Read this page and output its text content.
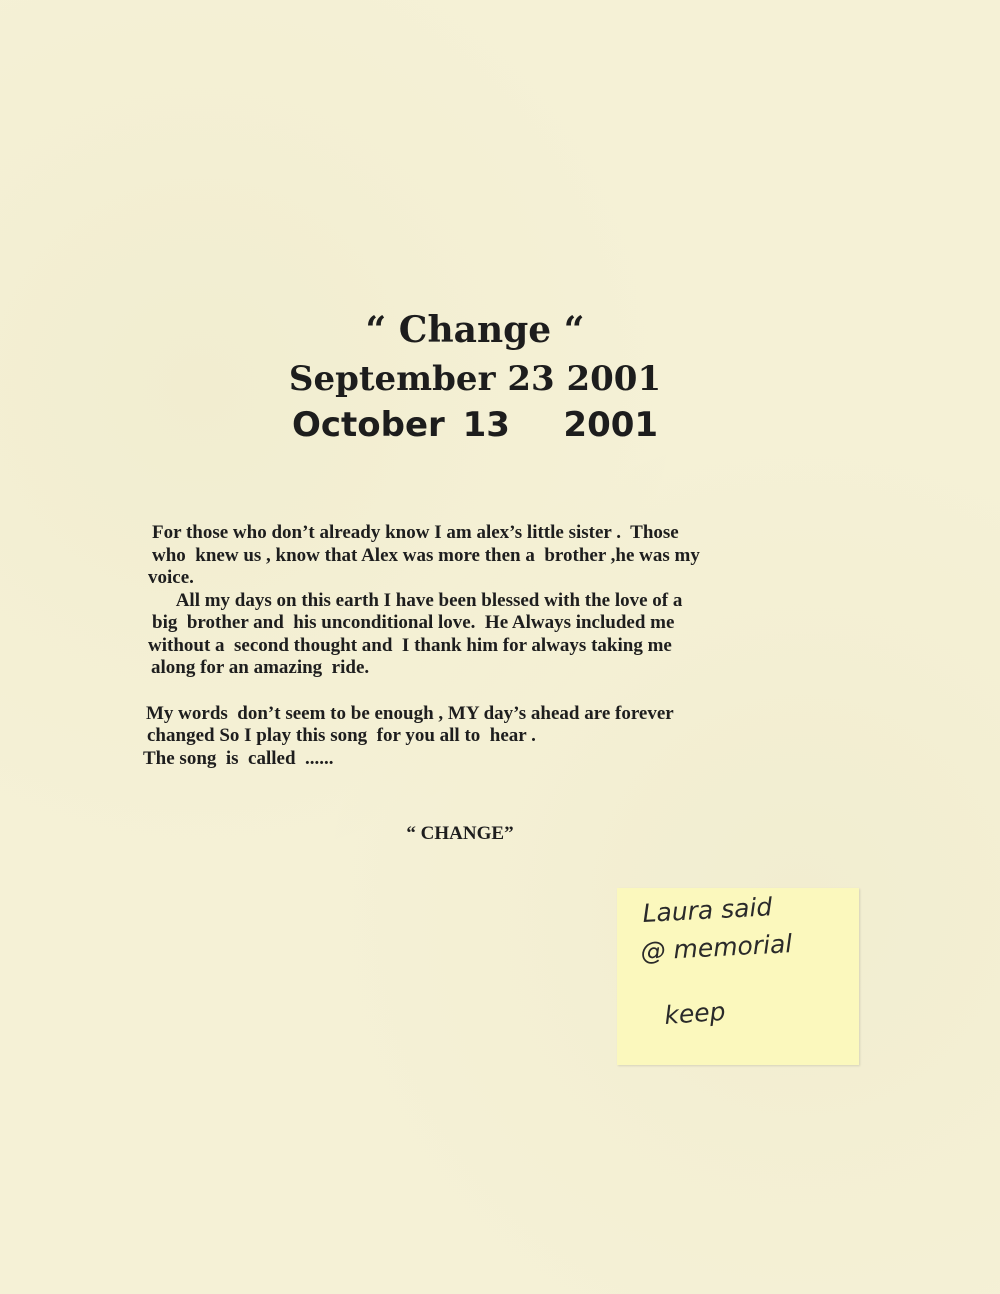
“ Change “
September 23 2001
October 13   2001

For those who don’t already know I am alex’s little sister .  Those

who  knew us , know that Alex was more then a  brother ,he was my

voice.

All my days on this earth I have been blessed with the love of a

big  brother and  his unconditional love.  He Always included me

without a  second thought and  I thank him for always taking me

along for an amazing  ride.

My words  don’t seem to be enough , MY day’s ahead are forever

changed So I play this song  for you all to  hear .

The song  is  called  ......

“ CHANGE”
Laura said
@ memorial
keep
